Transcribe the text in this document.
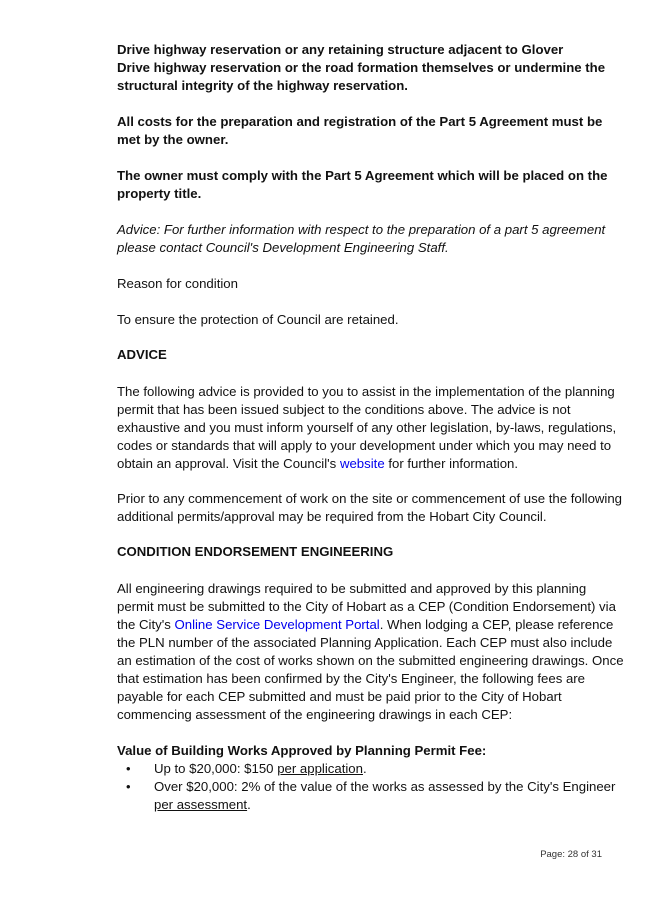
Drive highway reservation or any retaining structure adjacent to Glover
Drive highway reservation or the road formation themselves or undermine the
structural integrity of the highway reservation.
All costs for the preparation and registration of the Part 5 Agreement must be
met by the owner.
The owner must comply with the Part 5 Agreement which will be placed on the
property title.
Advice: For further information with respect to the preparation of a part 5 agreement
please contact Council's Development Engineering Staff.
Reason for condition
To ensure the protection of Council are retained.
ADVICE
The following advice is provided to you to assist in the implementation of the planning
permit that has been issued subject to the conditions above. The advice is not
exhaustive and you must inform yourself of any other legislation, by-laws, regulations,
codes or standards that will apply to your development under which you may need to
obtain an approval. Visit the Council's website for further information.
Prior to any commencement of work on the site or commencement of use the following
additional permits/approval may be required from the Hobart City Council.
CONDITION ENDORSEMENT ENGINEERING
All engineering drawings required to be submitted and approved by this planning
permit must be submitted to the City of Hobart as a CEP (Condition Endorsement) via
the City's Online Service Development Portal. When lodging a CEP, please reference
the PLN number of the associated Planning Application. Each CEP must also include
an estimation of the cost of works shown on the submitted engineering drawings. Once
that estimation has been confirmed by the City's Engineer, the following fees are
payable for each CEP submitted and must be paid prior to the City of Hobart
commencing assessment of the engineering drawings in each CEP:
Value of Building Works Approved by Planning Permit Fee:
• Up to $20,000: $150 per application.
• Over $20,000: 2% of the value of the works as assessed by the City's Engineer
per assessment.
Page: 28 of 31
